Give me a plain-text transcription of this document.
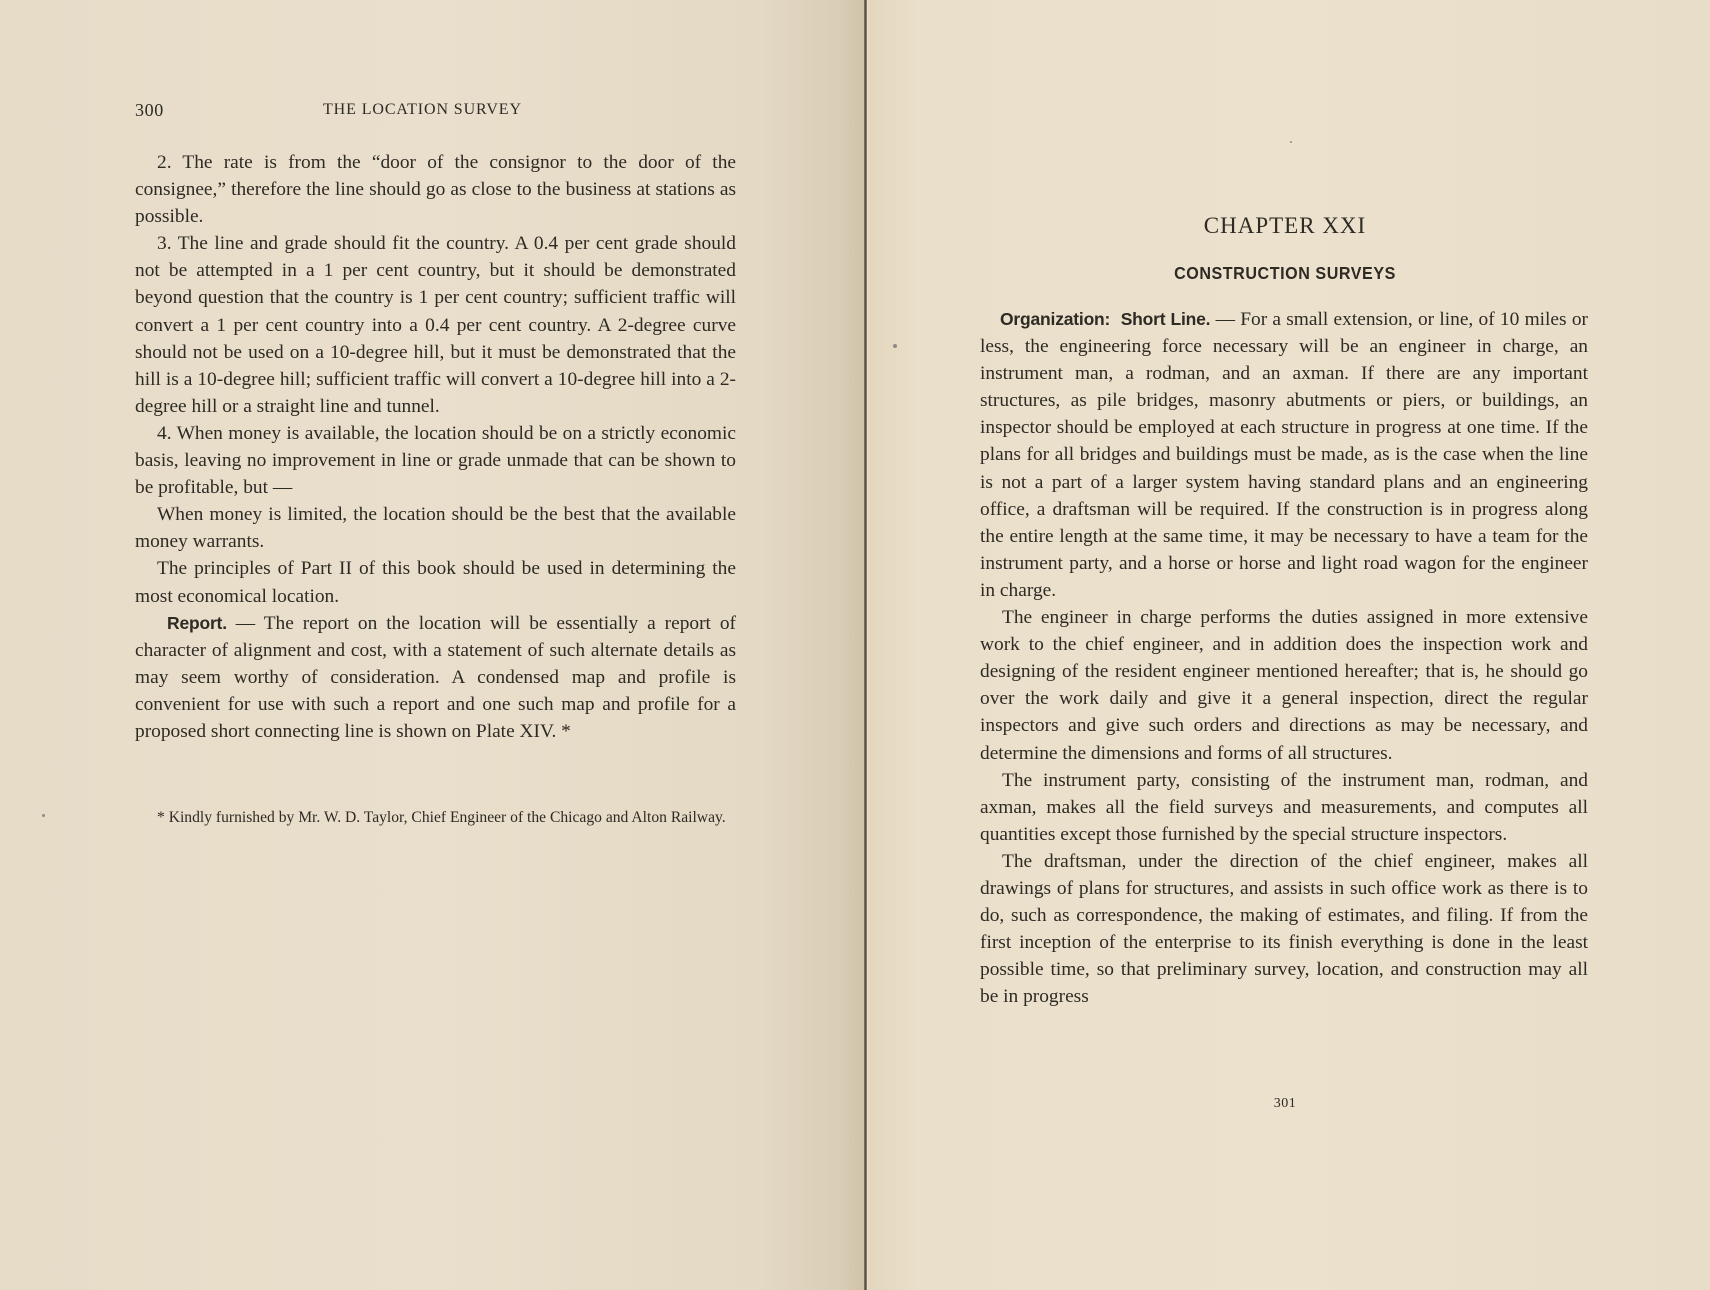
300	THE LOCATION SURVEY

2. The rate is from the “door of the consignor to the door of the consignee,” therefore the line should go as close to the business at stations as possible.

3. The line and grade should fit the country. A 0.4 per cent grade should not be attempted in a 1 per cent country, but it should be demonstrated beyond question that the country is 1 per cent country; sufficient traffic will convert a 1 per cent country into a 0.4 per cent country. A 2-degree curve should not be used on a 10-degree hill, but it must be demonstrated that the hill is a 10-degree hill; sufficient traffic will convert a 10-degree hill into a 2-degree hill or a straight line and tunnel.

4. When money is available, the location should be on a strictly economic basis, leaving no improvement in line or grade unmade that can be shown to be profitable, but —

When money is limited, the location should be the best that the available money warrants.

The principles of Part II of this book should be used in determining the most economical location.

Report. — The report on the location will be essentially a report of character of alignment and cost, with a statement of such alternate details as may seem worthy of consideration. A condensed map and profile is convenient for use with such a report and one such map and profile for a proposed short connecting line is shown on Plate XIV. *

* Kindly furnished by Mr. W. D. Taylor, Chief Engineer of the Chicago and Alton Railway.

CHAPTER XXI
CONSTRUCTION SURVEYS

Organization: Short Line. — For a small extension, or line, of 10 miles or less, the engineering force necessary will be an engineer in charge, an instrument man, a rodman, and an axman. If there are any important structures, as pile bridges, masonry abutments or piers, or buildings, an inspector should be employed at each structure in progress at one time. If the plans for all bridges and buildings must be made, as is the case when the line is not a part of a larger system having standard plans and an engineering office, a draftsman will be required. If the construction is in progress along the entire length at the same time, it may be necessary to have a team for the instrument party, and a horse or horse and light road wagon for the engineer in charge.

The engineer in charge performs the duties assigned in more extensive work to the chief engineer, and in addition does the inspection work and designing of the resident engineer mentioned hereafter; that is, he should go over the work daily and give it a general inspection, direct the regular inspectors and give such orders and directions as may be necessary, and determine the dimensions and forms of all structures.

The instrument party, consisting of the instrument man, rodman, and axman, makes all the field surveys and measurements, and computes all quantities except those furnished by the special structure inspectors.

The draftsman, under the direction of the chief engineer, makes all drawings of plans for structures, and assists in such office work as there is to do, such as correspondence, the making of estimates, and filing. If from the first inception of the enterprise to its finish everything is done in the least possible time, so that preliminary survey, location, and construction may all be in progress

301
